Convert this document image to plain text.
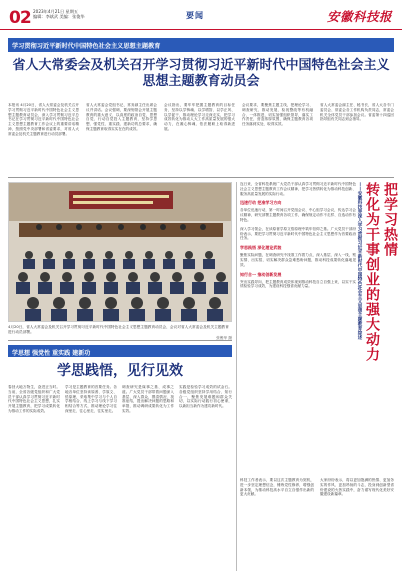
02 2023年4月21日 星期五
编辑：李斌武 美编：张俊华	要闻	安徽科技报
学习贯彻习近平新时代中国特色社会主义思想主题教育
省人大常委会及机关召开学习贯彻习近平新时代中国特色社会主义思想主题教育动员会
本报讯 4月20日，省人大常委会及机关召开学习贯彻习近平新时代中国特色社会主义思想主题教育动员会，深入学习贯彻习近平总书记在学习贯彻习近平新时代中国特色社会主义思想主题教育工作会议上的重要讲话精神，按照党中央部署和省委要求，对省人大常委会及机关主题教育进行动员部署。
省人大常委会党组书记、常务副主任出席会议并讲话。会议强调，要深刻领会开展主题教育的重大意义，以高度的政治自觉、思想自觉、行动自觉投入主题教育，坚持学思想、强党性、重实践、建新功的总要求，确保主题教育取得实实在在的成效。
会议指出，要牢牢把握主题教育的目标任务，坚持以学铸魂、以学增智、以学正风、以学促干，推动理论学习走深走实，把学习成效转化为推动人大工作高质量发展的强大动力，在凝心铸魂、依法履职上取得新进展。
会议要求，要聚焦主题主线，把理论学习、调查研究、推动发展、检视整改等有机融合、一体推进，切实加强组织领导，落实工作责任，营造浓厚氛围，确保主题教育各项任务落到实处、取得实效。
省人大常委会副主任、秘书长，省人大各专门委员会、常委会各工作机构负责同志，常委会机关全体党员干部参加会议。省委第十四巡回指导组有关同志到会指导。
4月20日，省人大常委会及机关召开学习贯彻习近平新时代中国特色社会主义思想主题教育动员会，会议对省人大常委会及机关主题教育进行动员部署。
张俊华 摄
连日来，全省科技系统广大党员干部认真学习贯彻习近平新时代中国特色社会主义思想主题教育工作会议精神，把学习热情转化为推动科技创新、服务高质量发展的实际行动。
迅速行动 把准学习方向
各单位迅速行动，第一时间召开党组会议、中心组学习会议，传达学习会议精神，研究部署主题教育各项工作，确保规定动作不走样、自选动作有特色。
深入学习领会，在读原著学原文悟原理中筑牢信仰之基。广大党员干部纷纷表示，要把学习贯彻习近平新时代中国特色社会主义思想作为首要政治任务。
学思践悟 深化理论武装
聚焦实际问题，在调查研究中找准工作着力点，深入基层、深入一线，察实情、出实招，切实解决群众急难愁盼问题，推动科技成果转化落地见效。
知行合一 推动创新发展
突出实践导向，把主题教育成效体现到推动科技自立自强上来，以实干实绩检验学习成效，为建设科技强省贡献力量。	——安徽科技界深入学习贯彻习近平新时代中国特色社会主义思想主题教育综述 转化为干事创业的强大动力 把学习热情
学思想 强党性 重实践 建新功
学思践悟，见行见效
春回大地万物生，奋进正当时。当前，全省各级党组织和广大党员干部认真学习贯彻习近平新时代中国特色社会主义思想，扎实开展主题教育，把学习成果转化为推动工作的实际成效。
学习是主题教育的首要任务。各地各单位坚持读原著、学原文、悟原理，采取集中学习与个人自学相结合、线上学习与线下学习相结合等方式，推动理论学习往深里走、往心里走、往实里走。
调查研究是谋事之基、成事之道。广大党员干部带着问题深入基层、深入群众，摸清情况、找准症结，提出解决问题的思路和举措，推动调研成果转化为工作实效。
实践是检验学习成效的试金石。各级党组织坚持学用结合、知行合一，聚焦发展难题和群众关切，以实际行动践行初心使命，以新担当新作为建功新时代。
科技工作者表示，要以这次主题教育为契机，进一步坚定理想信念，锤炼党性修养，增强创新本领，为推动科技高水平自立自强作出新的更大贡献。
大家纷纷表示，将以更加饱满的热情、更加务实的作风、更加昂扬的斗志，投身到创新型省份建设的火热实践中，奋力谱写现代化美好安徽建设新篇章。
